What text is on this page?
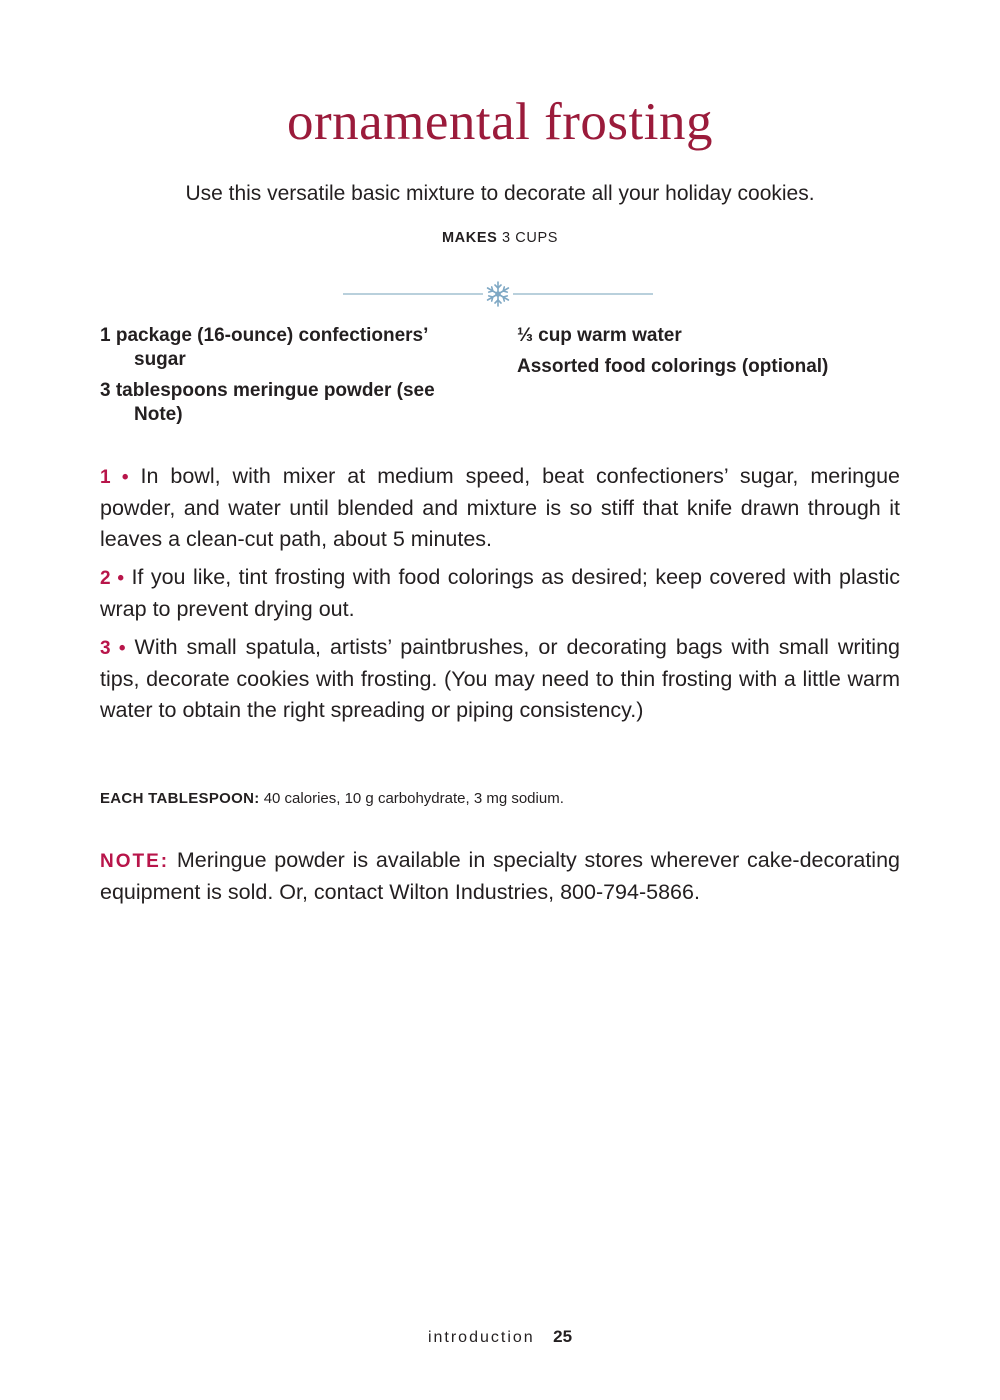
ornamental frosting

Use this versatile basic mixture to decorate all your holiday cookies.

MAKES 3 CUPS

1 package (16-ounce) confectioners’ sugar
3 tablespoons meringue powder (see Note)
⅓ cup warm water
Assorted food colorings (optional)

1 • In bowl, with mixer at medium speed, beat confectioners’ sugar, meringue powder, and water until blended and mixture is so stiff that knife drawn through it leaves a clean-cut path, about 5 minutes.

2 • If you like, tint frosting with food colorings as desired; keep covered with plastic wrap to prevent drying out.

3 • With small spatula, artists’ paintbrushes, or decorating bags with small writing tips, decorate cookies with frosting. (You may need to thin frosting with a little warm water to obtain the right spreading or piping consistency.)

EACH TABLESPOON: 40 calories, 10 g carbohydrate, 3 mg sodium.

NOTE: Meringue powder is available in specialty stores wherever cake-decorating equipment is sold. Or, contact Wilton Industries, 800-794-5866.

introduction 25
